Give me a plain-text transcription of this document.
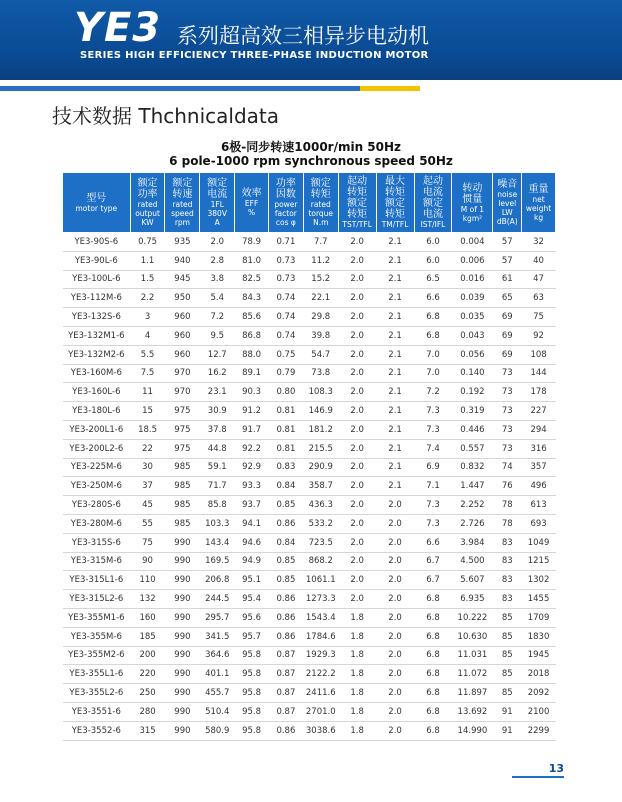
YE3 系列超高效三相异步电动机
SERIES HIGH EFFICIENCY THREE-PHASE INDUCTION MOTOR
技术数据 Thchnicaldata
6极-同步转速1000r/min 50Hz
6 pole-1000 rpm synchronous speed 50Hz
型号
motor type	额定
功率
rated
output
KW	额定
转速
rated
speed
rpm	额定
电流
1FL
380V
A	效率
EFF
%	功率
因数
power
factor
cos φ	额定
转矩
rated
torque
N.m	起动
转矩
额定
转矩
TST/TFL	最大
转矩
额定
转矩
TM/TFL	起动
电流
额定
电流
IST/IFL	转动
惯量
M of 1
kgm²	噪音
noise
level
LW
dB(A)	重量
net
weight
kg
YE3-90S-6	0.75	935	2.0	78.9	0.71	7.7	2.0	2.1	6.0	0.004	57	32
YE3-90L-6	1.1	940	2.8	81.0	0.73	11.2	2.0	2.1	6.0	0.006	57	40
YE3-100L-6	1.5	945	3.8	82.5	0.73	15.2	2.0	2.1	6.5	0.016	61	47
YE3-112M-6	2.2	950	5.4	84.3	0.74	22.1	2.0	2.1	6.6	0.039	65	63
YE3-132S-6	3	960	7.2	85.6	0.74	29.8	2.0	2.1	6.8	0.035	69	75
YE3-132M1-6	4	960	9.5	86.8	0.74	39.8	2.0	2.1	6.8	0.043	69	92
YE3-132M2-6	5.5	960	12.7	88.0	0.75	54.7	2.0	2.1	7.0	0.056	69	108
YE3-160M-6	7.5	970	16.2	89.1	0.79	73.8	2.0	2.1	7.0	0.140	73	144
YE3-160L-6	11	970	23.1	90.3	0.80	108.3	2.0	2.1	7.2	0.192	73	178
YE3-180L-6	15	975	30.9	91.2	0.81	146.9	2.0	2.1	7.3	0.319	73	227
YE3-200L1-6	18.5	975	37.8	91.7	0.81	181.2	2.0	2.1	7.3	0.446	73	294
YE3-200L2-6	22	975	44.8	92.2	0.81	215.5	2.0	2.1	7.4	0.557	73	316
YE3-225M-6	30	985	59.1	92.9	0.83	290.9	2.0	2.1	6.9	0.832	74	357
YE3-250M-6	37	985	71.7	93.3	0.84	358.7	2.0	2.1	7.1	1.447	76	496
YE3-280S-6	45	985	85.8	93.7	0.85	436.3	2.0	2.0	7.3	2.252	78	613
YE3-280M-6	55	985	103.3	94.1	0.86	533.2	2.0	2.0	7.3	2.726	78	693
YE3-315S-6	75	990	143.4	94.6	0.84	723.5	2.0	2.0	6.6	3.984	83	1049
YE3-315M-6	90	990	169.5	94.9	0.85	868.2	2.0	2.0	6.7	4.500	83	1215
YE3-315L1-6	110	990	206.8	95.1	0.85	1061.1	2.0	2.0	6.7	5.607	83	1302
YE3-315L2-6	132	990	244.5	95.4	0.86	1273.3	2.0	2.0	6.8	6.935	83	1455
YE3-355M1-6	160	990	295.7	95.6	0.86	1543.4	1.8	2.0	6.8	10.222	85	1709
YE3-355M-6	185	990	341.5	95.7	0.86	1784.6	1.8	2.0	6.8	10.630	85	1830
YE3-355M2-6	200	990	364.6	95.8	0.87	1929.3	1.8	2.0	6.8	11.031	85	1945
YE3-355L1-6	220	990	401.1	95.8	0.87	2122.2	1.8	2.0	6.8	11.072	85	2018
YE3-355L2-6	250	990	455.7	95.8	0.87	2411.6	1.8	2.0	6.8	11.897	85	2092
YE3-3551-6	280	990	510.4	95.8	0.87	2701.0	1.8	2.0	6.8	13.692	91	2100
YE3-3552-6	315	990	580.9	95.8	0.86	3038.6	1.8	2.0	6.8	14.990	91	2299
13
